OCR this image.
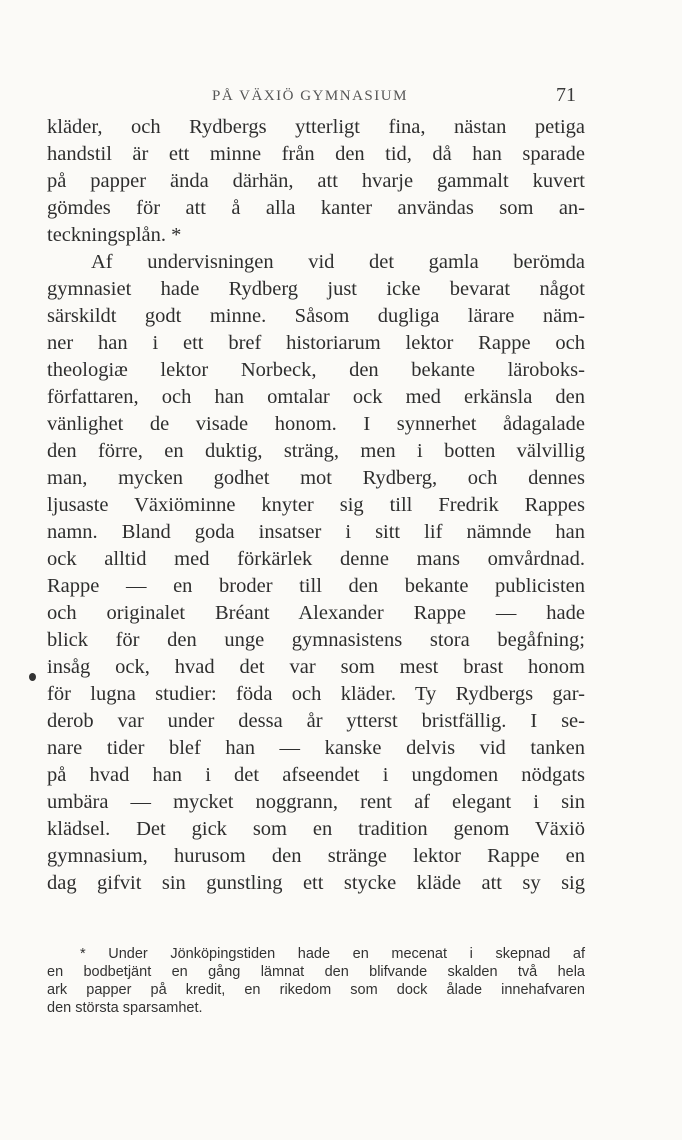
PÅ VÄXIÖ GYMNASIUM	71
kläder, och Rydbergs ytterligt fina, nästan petiga
handstil är ett minne från den tid, då han sparade
på papper ända därhän, att hvarje gammalt kuvert
gömdes för att å alla kanter användas som an-
teckningsplån. *
Af undervisningen vid det gamla berömda
gymnasiet hade Rydberg just icke bevarat något
särskildt godt minne. Såsom dugliga lärare näm-
ner han i ett bref historiarum lektor Rappe och
theologiæ lektor Norbeck, den bekante läroboks-
författaren, och han omtalar ock med erkänsla den
vänlighet de visade honom. I synnerhet ådagalade
den förre, en duktig, sträng, men i botten välvillig
man, mycken godhet mot Rydberg, och dennes
ljusaste Växiöminne knyter sig till Fredrik Rappes
namn. Bland goda insatser i sitt lif nämnde han
ock alltid med förkärlek denne mans omvårdnad.
Rappe — en broder till den bekante publicisten
och originalet Bréant Alexander Rappe — hade
blick för den unge gymnasistens stora begåfning;
insåg ock, hvad det var som mest brast honom
för lugna studier: föda och kläder. Ty Rydbergs gar-
derob var under dessa år ytterst bristfällig. I se-
nare tider blef han — kanske delvis vid tanken
på hvad han i det afseendet i ungdomen nödgats
umbära — mycket noggrann, rent af elegant i sin
klädsel. Det gick som en tradition genom Växiö
gymnasium, hurusom den stränge lektor Rappe en
dag gifvit sin gunstling ett stycke kläde att sy sig
* Under Jönköpingstiden hade en mecenat i skepnad af
en bodbetjänt en gång lämnat den blifvande skalden två hela
ark papper på kredit, en rikedom som dock ålade innehafvaren
den största sparsamhet.
